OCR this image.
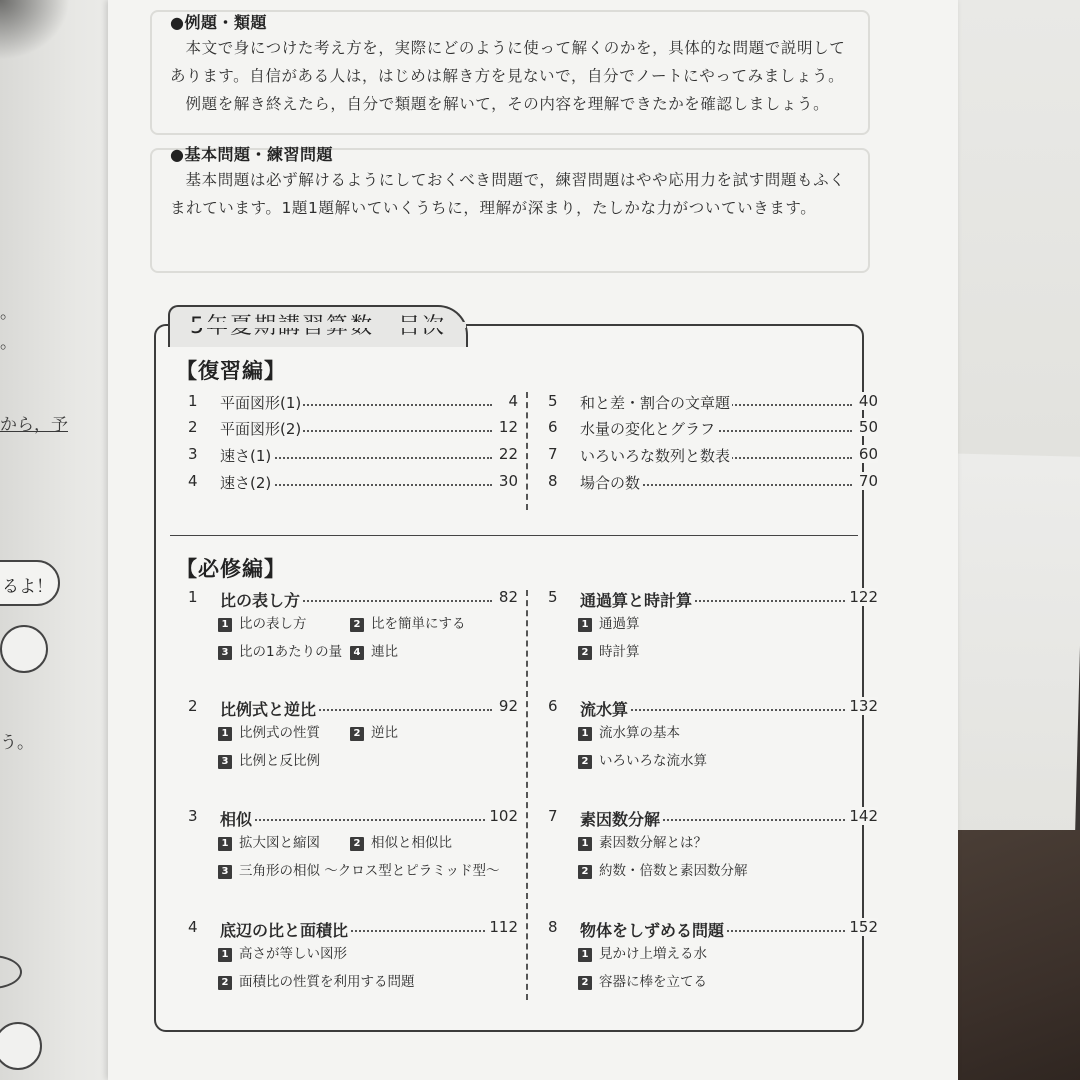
。
。
から，予
るよ！
う。
●例題・類題

本文で身につけた考え方を，実際にどのように使って解くのかを，具体的な問題で説明して

あります。自信がある人は，はじめは解き方を見ないで，自分でノートにやってみましょう。

例題を解き終えたら，自分で類題を解いて，その内容を理解できたかを確認しましょう。

●基本問題・練習問題

基本問題は必ず解けるようにしておくべき問題で，練習問題はやや応用力を試す問題もふく

まれています。1題1題解いていくうちに，理解が深まり，たしかな力がついていきます。

【復習編】
【必修編】
1	平面図形(1)	4
2	平面図形(2)	12
3	速さ(1)	22
4	速さ(2)	30
5	和と差・割合の文章題	40
6	水量の変化とグラフ	50
7	いろいろな数列と数表	60
8	場合の数	70
1	比の表し方	82
1 比の表し方	2 比を簡単にする
3 比の1あたりの量	4 連比
2	比例式と逆比	92
1 比例式の性質	2 逆比
3 比例と反比例
3	相似	102
1 拡大図と縮図	2 相似と相似比
3 三角形の相似 〜クロス型とピラミッド型〜
4	底辺の比と面積比	112
1 高さが等しい図形
2 面積比の性質を利用する問題
5	通過算と時計算	122
1 通過算
2 時計算
6	流水算	132
1 流水算の基本
2 いろいろな流水算
7	素因数分解	142
1 素因数分解とは？
2 約数・倍数と素因数分解
8	物体をしずめる問題	152
1 見かけ上増える水
2 容器に棒を立てる
